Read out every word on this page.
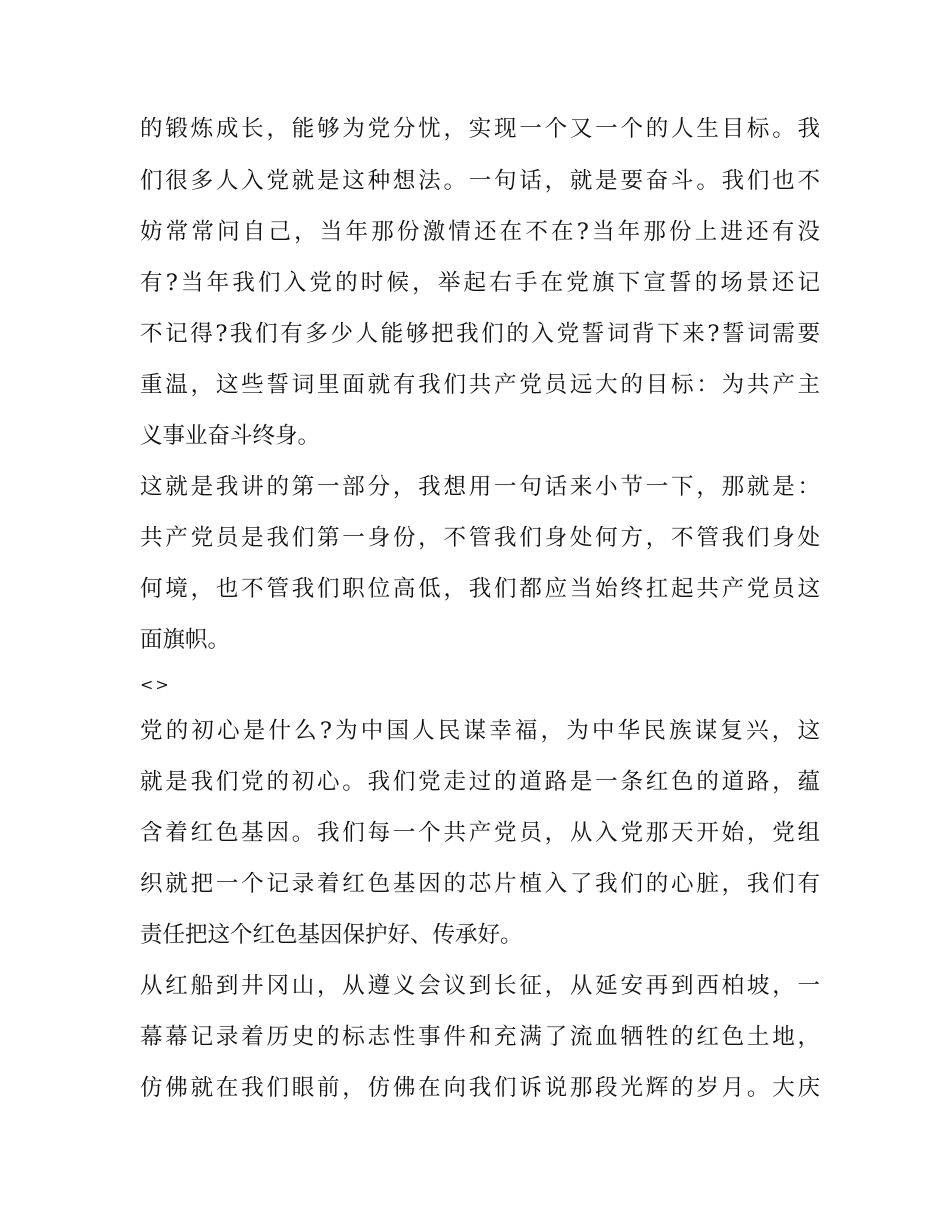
的锻炼成长，能够为党分忧，实现一个又一个的人生目标。我
们很多人入党就是这种想法。一句话，就是要奋斗。我们也不
妨常常问自己，当年那份激情还在不在?当年那份上进还有没
有?当年我们入党的时候，举起右手在党旗下宣誓的场景还记
不记得?我们有多少人能够把我们的入党誓词背下来?誓词需要
重温，这些誓词里面就有我们共产党员远大的目标：为共产主
义事业奋斗终身。
这就是我讲的第一部分，我想用一句话来小节一下，那就是：
共产党员是我们第一身份，不管我们身处何方，不管我们身处
何境，也不管我们职位高低，我们都应当始终扛起共产党员这
面旗帜。
<>
党的初心是什么?为中国人民谋幸福，为中华民族谋复兴，这
就是我们党的初心。我们党走过的道路是一条红色的道路，蕴
含着红色基因。我们每一个共产党员，从入党那天开始，党组
织就把一个记录着红色基因的芯片植入了我们的心脏，我们有
责任把这个红色基因保护好、传承好。
从红船到井冈山，从遵义会议到长征，从延安再到西柏坡，一
幕幕记录着历史的标志性事件和充满了流血牺牲的红色土地，
仿佛就在我们眼前，仿佛在向我们诉说那段光辉的岁月。大庆
